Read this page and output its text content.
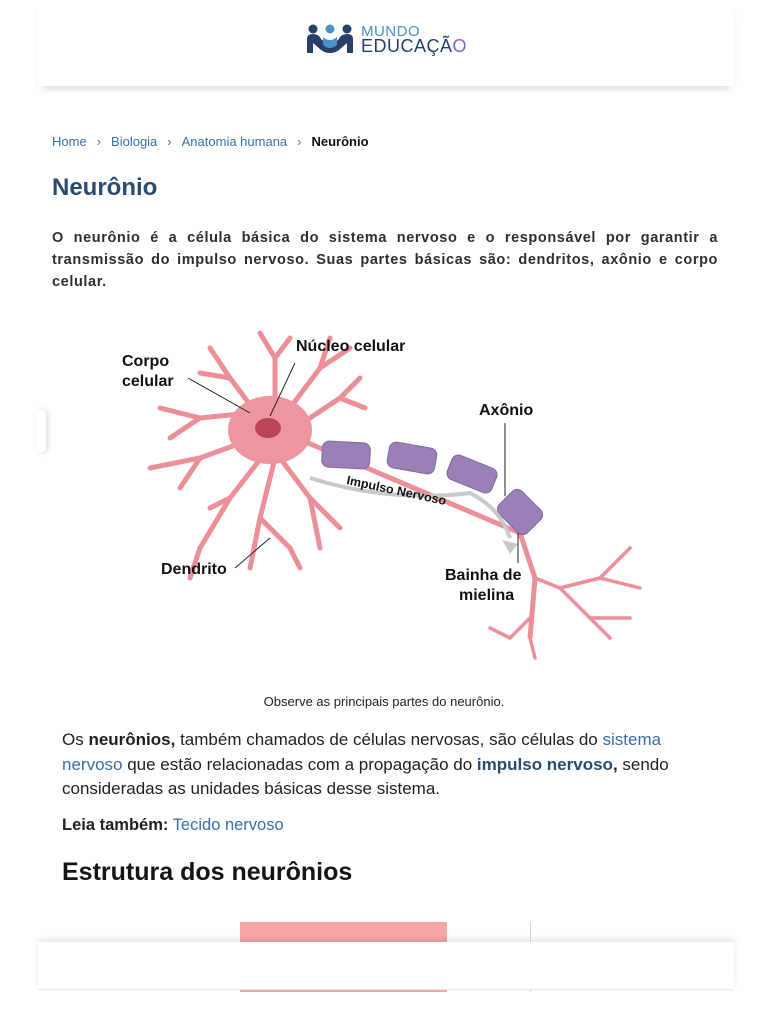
MUNDO
EDUCAÇÃO
Home › Biologia › Anatomia humana › Neurônio
Neurônio

O neurônio é a célula básica do sistema nervoso e o responsável por garantir a transmissão do impulso nervoso. Suas partes básicas são: dendritos, axônio e corpo celular.

Corpo
celular
Núcleo celular
Axônio
Dendrito	Bainha de
mielina
Impulso Nervoso

Observe as principais partes do neurônio.

Os neurônios, também chamados de células nervosas, são células do sistema nervoso que estão relacionadas com a propagação do impulso nervoso, sendo consideradas as unidades básicas desse sistema.

Leia também: Tecido nervoso

Estrutura dos neurônios
